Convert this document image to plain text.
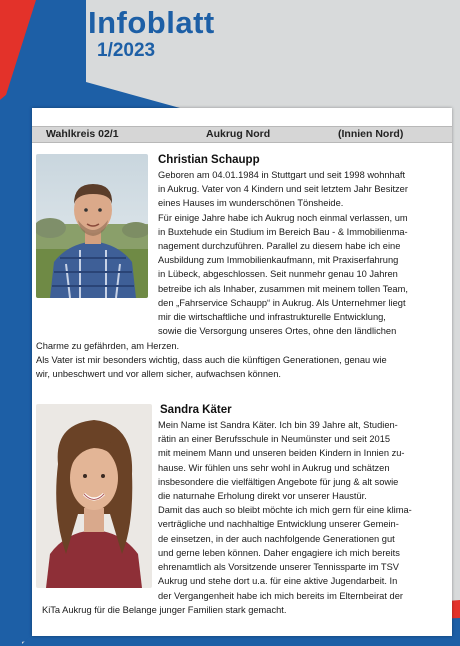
Infoblatt
1/2023
Wahlkreis 02/1	Aukrug Nord	(Innien Nord)
Christian Schaupp
Geboren am 04.01.1984 in Stuttgart und seit 1998 wohnhaft
in Aukrug. Vater von 4 Kindern und seit letztem Jahr Besitzer
eines Hauses im wunderschönen Tönsheide.
Für einige Jahre habe ich Aukrug noch einmal verlassen, um
in Buxtehude ein Studium im Bereich Bau - & Immobilienma-
nagement durchzuführen. Parallel zu diesem habe ich eine
Ausbildung zum Immobilienkaufmann, mit Praxiserfahrung
in Lübeck, abgeschlossen. Seit nunmehr genau 10 Jahren
betreibe ich als Inhaber, zusammen mit meinem tollen Team,
den „Fahrservice Schaupp“ in Aukrug. Als Unternehmer liegt
mir die wirtschaftliche und infrastrukturelle Entwicklung,
sowie die Versorgung unseres Ortes, ohne den ländlichen
Charme zu gefährden, am Herzen.
Als Vater ist mir besonders wichtig, dass auch die künftigen Generationen, genau wie
wir, unbeschwert und vor allem sicher, aufwachsen können.
Sandra Käter
Mein Name ist Sandra Käter. Ich bin 39 Jahre alt, Studien-
rätin an einer Berufsschule in Neumünster und seit 2015
mit meinem Mann und unseren beiden Kindern in Innien zu-
hause. Wir fühlen uns sehr wohl in Aukrug und schätzen
insbesondere die vielfältigen Angebote für jung & alt sowie
die naturnahe Erholung direkt vor unserer Haustür.
Damit das auch so bleibt möchte ich mich gern für eine klima-
verträgliche und nachhaltige Entwicklung unserer Gemein-
de einsetzen, in der auch nachfolgende Generationen gut
und gerne leben können. Daher engagiere ich mich bereits
ehrenamtlich als Vorsitzende unserer Tennissparte im TSV
Aukrug und stehe dort u.a. für eine aktive Jugendarbeit. In
der Vergangenheit habe ich mich bereits im Elternbeirat der
KiTa Aukrug für die Belange junger Familien stark gemacht.
